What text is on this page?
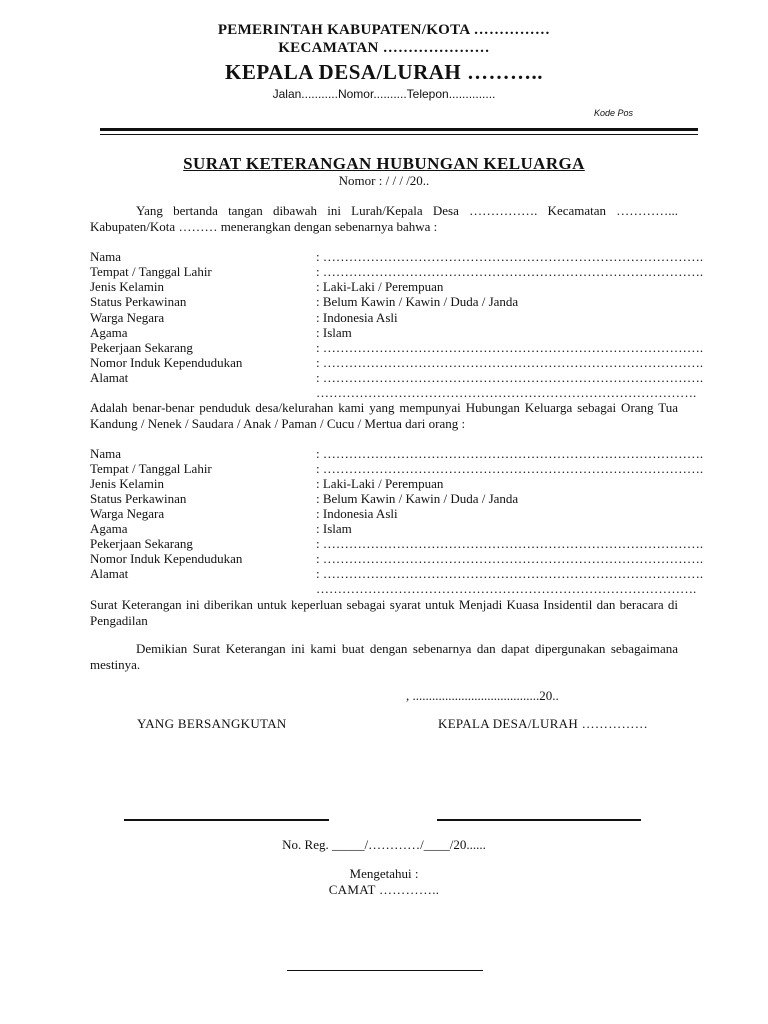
PEMERINTAH KABUPATEN/KOTA ……………
KECAMATAN …………………
KEPALA DESA/LURAH ………..
Jalan...........Nomor..........Telepon..............
Kode Pos
SURAT KETERANGAN HUBUNGAN KELUARGA
Nomor : / / / /20..
Yang bertanda tangan dibawah ini Lurah/Kepala Desa ……………. Kecamatan …………... Kabupaten/Kota ……… menerangkan dengan sebenarnya bahwa :
Nama	: …………………………………………………………………………….
Tempat / Tanggal Lahir	: …………………………………………………………………………….
Jenis Kelamin	: Laki-Laki / Perempuan
Status Perkawinan	: Belum Kawin / Kawin / Duda / Janda
Warga Negara	: Indonesia Asli
Agama	: Islam
Pekerjaan Sekarang	: …………………………………………………………………………….
Nomor Induk Kependudukan	: …………………………………………………………………………….
Alamat	: …………………………………………………………………………….
…………………………………………………………………………….
Adalah benar-benar penduduk desa/kelurahan kami yang mempunyai Hubungan Keluarga sebagai Orang Tua Kandung / Nenek / Saudara / Anak / Paman / Cucu / Mertua dari orang :
Nama	: …………………………………………………………………………….
Tempat / Tanggal Lahir	: …………………………………………………………………………….
Jenis Kelamin	: Laki-Laki / Perempuan
Status Perkawinan	: Belum Kawin / Kawin / Duda / Janda
Warga Negara	: Indonesia Asli
Agama	: Islam
Pekerjaan Sekarang	: …………………………………………………………………………….
Nomor Induk Kependudukan	: …………………………………………………………………………….
Alamat	: …………………………………………………………………………….
…………………………………………………………………………….
Surat Keterangan ini diberikan untuk keperluan sebagai syarat untuk Menjadi Kuasa Insidentil dan beracara di Pengadilan
Demikian Surat Keterangan ini kami buat dengan sebenarnya dan dapat dipergunakan sebagaimana mestinya.
, .......................................20..
YANG BERSANGKUTAN	KEPALA DESA/LURAH ……………
No. Reg. _____/…………/____/20......
Mengetahui :
CAMAT …………..
